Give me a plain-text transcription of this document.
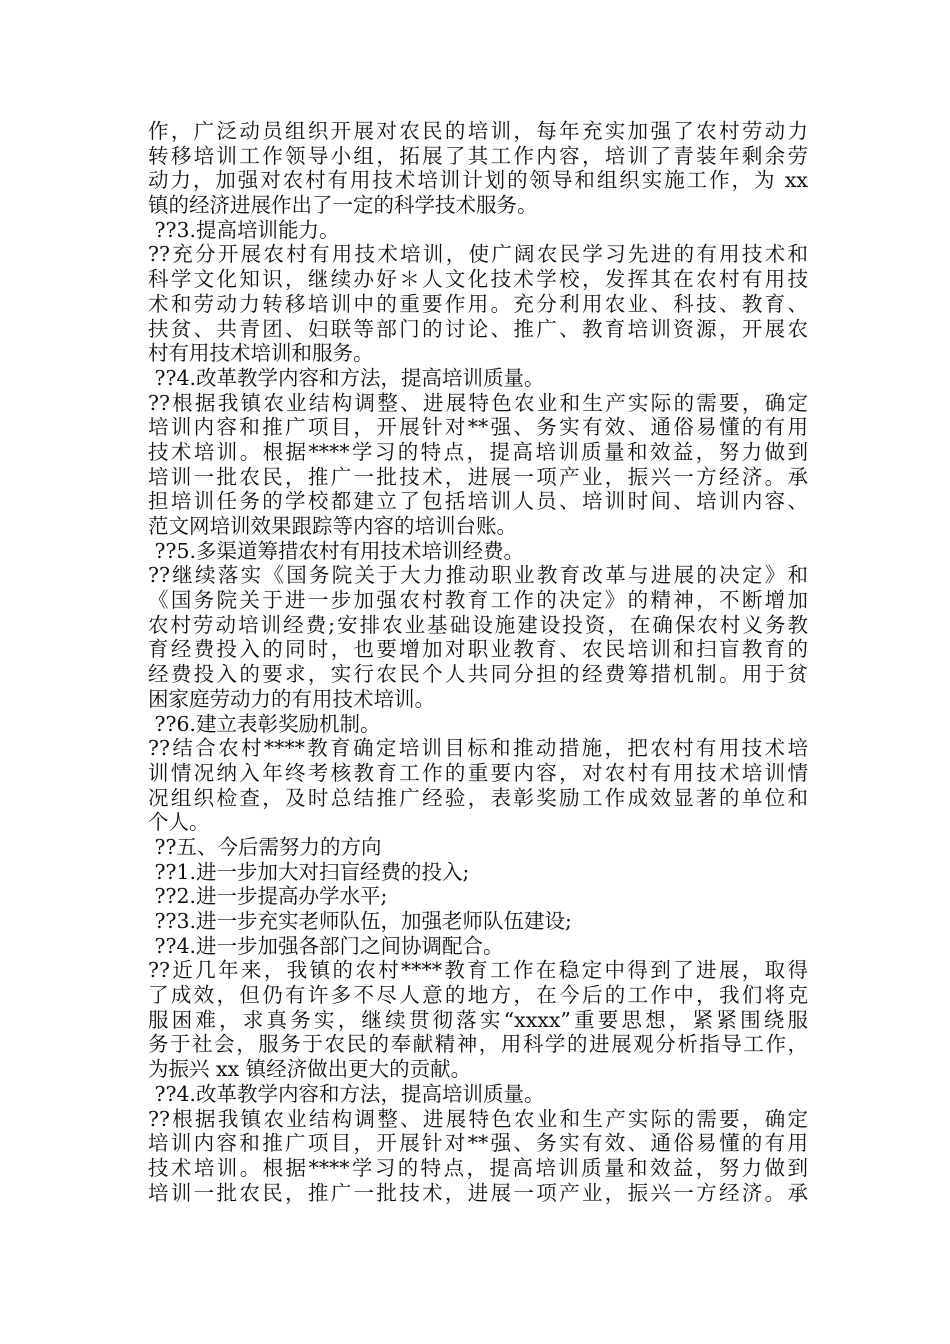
作，广泛动员组织开展对农民的培训，每年充实加强了农村劳动力
转移培训工作领导小组，拓展了其工作内容，培训了青装年剩余劳
动力，加强对农村有用技术培训计划的领导和组织实施工作，为 xx
镇的经济进展作出了一定的科学技术服务。
??3.提高培训能力。
??充分开展农村有用技术培训，使广阔农民学习先进的有用技术和
科学文化知识，继续办好＊人文化技术学校，发挥其在农村有用技
术和劳动力转移培训中的重要作用。充分利用农业、科技、教育、
扶贫、共青团、妇联等部门的讨论、推广、教育培训资源，开展农
村有用技术培训和服务。
??4.改革教学内容和方法，提高培训质量。
??根据我镇农业结构调整、进展特色农业和生产实际的需要，确定
培训内容和推广项目，开展针对**强、务实有效、通俗易懂的有用
技术培训。根据****学习的特点，提高培训质量和效益，努力做到
培训一批农民，推广一批技术，进展一项产业，振兴一方经济。承
担培训任务的学校都建立了包括培训人员、培训时间、培训内容、
范文网培训效果跟踪等内容的培训台账。
??5.多渠道筹措农村有用技术培训经费。
??继续落实《国务院关于大力推动职业教育改革与进展的决定》和
《国务院关于进一步加强农村教育工作的决定》的精神，不断增加
农村劳动培训经费;安排农业基础设施建设投资，在确保农村义务教
育经费投入的同时，也要增加对职业教育、农民培训和扫盲教育的
经费投入的要求，实行农民个人共同分担的经费筹措机制。用于贫
困家庭劳动力的有用技术培训。
??6.建立表彰奖励机制。
??结合农村****教育确定培训目标和推动措施，把农村有用技术培
训情况纳入年终考核教育工作的重要内容，对农村有用技术培训情
况组织检查，及时总结推广经验，表彰奖励工作成效显著的单位和
个人。
??五、今后需努力的方向
??1.进一步加大对扫盲经费的投入;
??2.进一步提高办学水平;
??3.进一步充实老师队伍，加强老师队伍建设;
??4.进一步加强各部门之间协调配合。
??近几年来，我镇的农村****教育工作在稳定中得到了进展，取得
了成效，但仍有许多不尽人意的地方，在今后的工作中，我们将克
服困难，求真务实，继续贯彻落实“xxxx”重要思想，紧紧围绕服
务于社会，服务于农民的奉献精神，用科学的进展观分析指导工作，
为振兴 xx 镇经济做出更大的贡献。
??4.改革教学内容和方法，提高培训质量。
??根据我镇农业结构调整、进展特色农业和生产实际的需要，确定
培训内容和推广项目，开展针对**强、务实有效、通俗易懂的有用
技术培训。根据****学习的特点，提高培训质量和效益，努力做到
培训一批农民，推广一批技术，进展一项产业，振兴一方经济。承
